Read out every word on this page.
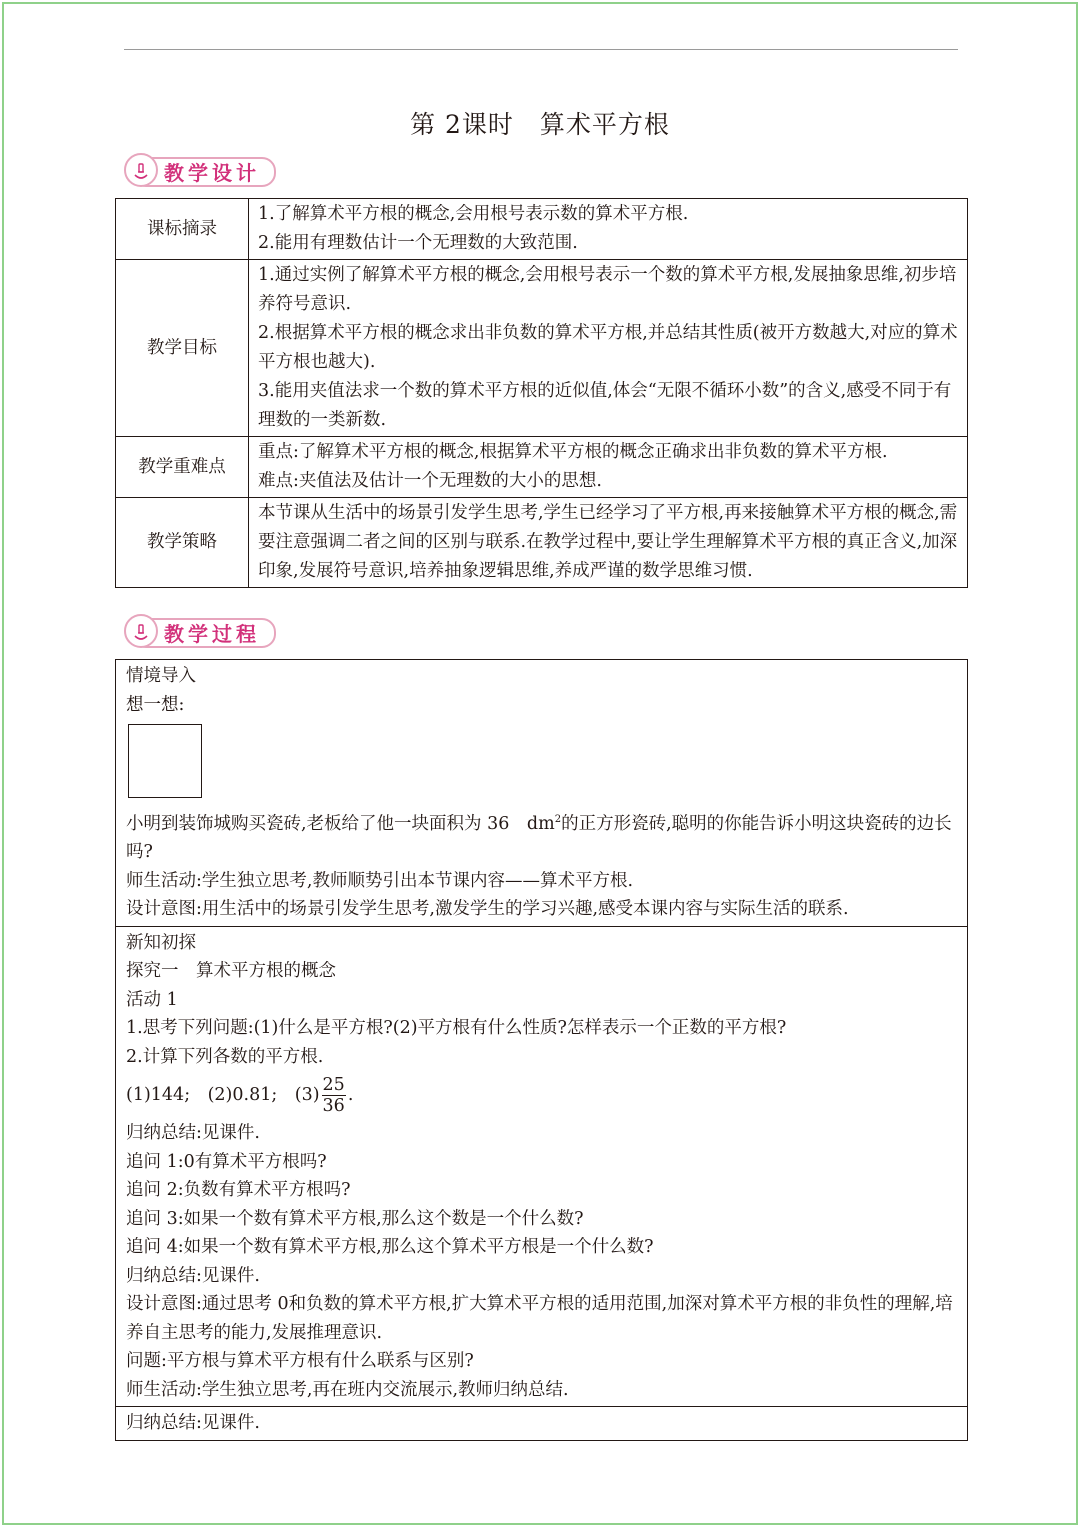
第 2课时　算术平方根
教学设计
课标摘录	1.了解算术平方根的概念,会用根号表示数的算术平方根.
2.能用有理数估计一个无理数的大致范围.

教学目标	1.通过实例了解算术平方根的概念,会用根号表示一个数的算术平方根,发展抽象思维,初步培养符号意识.
2.根据算术平方根的概念求出非负数的算术平方根,并总结其性质(被开方数越大,对应的算术平方根也越大).
3.能用夹值法求一个数的算术平方根的近似值,体会“无限不循环小数”的含义,感受不同于有理数的一类新数.

教学重难点	重点:了解算术平方根的概念,根据算术平方根的概念正确求出非负数的算术平方根.
难点:夹值法及估计一个无理数的大小的思想.

教学策略	本节课从生活中的场景引发学生思考,学生已经学习了平方根,再来接触算术平方根的概念,需要注意强调二者之间的区别与联系.在教学过程中,要让学生理解算术平方根的真正含义,加深印象,发展符号意识,培养抽象逻辑思维,养成严谨的数学思维习惯.
教学过程
情境导入
想一想:
小明到装饰城购买瓷砖,老板给了他一块面积为 36　$dm^2$的正方形瓷砖,聪明的你能告诉小明这块瓷砖的边长吗?
师生活动:学生独立思考,教师顺势引出本节课内容——算术平方根.
设计意图:用生活中的场景引发学生思考,激发学生的学习兴趣,感受本课内容与实际生活的联系.
新知初探
探究一　算术平方根的概念
活动 1
1.思考下列问题:(1)什么是平方根?(2)平方根有什么性质?怎样表示一个正数的平方根?
2.计算下列各数的平方根.
(1)144;　(2)0.81;　$(3) \frac{25}{36}$ .
归纳总结:见课件.
追问 1:0有算术平方根吗?
追问 2:负数有算术平方根吗?
追问 3:如果一个数有算术平方根,那么这个数是一个什么数?
追问 4:如果一个数有算术平方根,那么这个算术平方根是一个什么数?
归纳总结:见课件.
设计意图:通过思考 0和负数的算术平方根,扩大算术平方根的适用范围,加深对算术平方根的非负性的理解,培养自主思考的能力,发展推理意识.
问题:平方根与算术平方根有什么联系与区别?
师生活动:学生独立思考,再在班内交流展示,教师归纳总结.
归纳总结:见课件.
